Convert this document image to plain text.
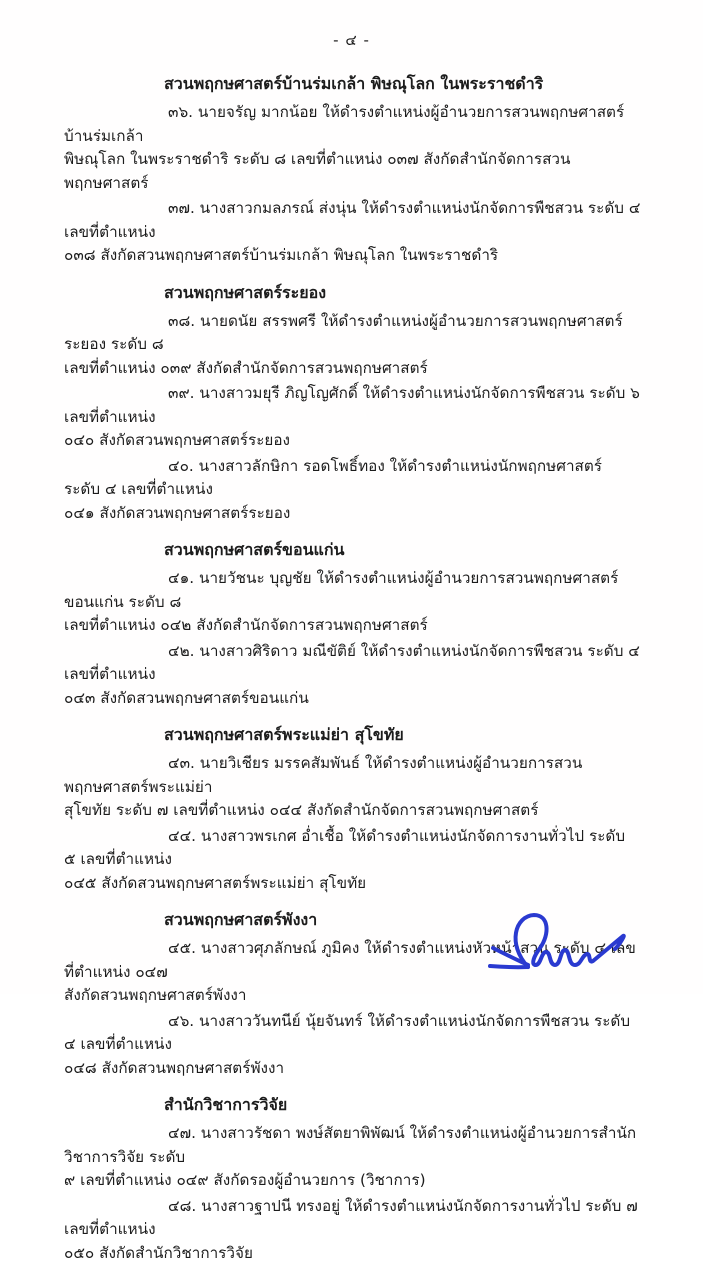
- ๔ -
สวนพฤกษศาสตร์บ้านร่มเกล้า พิษณุโลก ในพระราชดำริ

๓๖. นายจรัญ มากน้อย ให้ดำรงตำแหน่งผู้อำนวยการสวนพฤกษศาสตร์บ้านร่มเกล้า
พิษณุโลก ในพระราชดำริ ระดับ ๘ เลขที่ตำแหน่ง ๐๓๗ สังกัดสำนักจัดการสวนพฤกษศาสตร์

๓๗. นางสาวกมลภรณ์ ส่งนุ่น ให้ดำรงตำแหน่งนักจัดการพืชสวน ระดับ ๔ เลขที่ตำแหน่ง
๐๓๘ สังกัดสวนพฤกษศาสตร์บ้านร่มเกล้า พิษณุโลก ในพระราชดำริ

สวนพฤกษศาสตร์ระยอง

๓๘. นายดนัย สรรพศรี ให้ดำรงตำแหน่งผู้อำนวยการสวนพฤกษศาสตร์ระยอง ระดับ ๘
เลขที่ตำแหน่ง ๐๓๙ สังกัดสำนักจัดการสวนพฤกษศาสตร์

๓๙. นางสาวมยุรี ภิญโญศักดิ์ ให้ดำรงตำแหน่งนักจัดการพืชสวน ระดับ ๖ เลขที่ตำแหน่ง
๐๔๐ สังกัดสวนพฤกษศาสตร์ระยอง

๔๐. นางสาวลักษิกา รอดโพธิ์ทอง ให้ดำรงตำแหน่งนักพฤกษศาสตร์ ระดับ ๔ เลขที่ตำแหน่ง
๐๔๑ สังกัดสวนพฤกษศาสตร์ระยอง

สวนพฤกษศาสตร์ขอนแก่น

๔๑. นายวัชนะ บุญชัย ให้ดำรงตำแหน่งผู้อำนวยการสวนพฤกษศาสตร์ขอนแก่น ระดับ ๘
เลขที่ตำแหน่ง ๐๔๒ สังกัดสำนักจัดการสวนพฤกษศาสตร์

๔๒. นางสาวศิริดาว มณีขัติย์ ให้ดำรงตำแหน่งนักจัดการพืชสวน ระดับ ๔ เลขที่ตำแหน่ง
๐๔๓ สังกัดสวนพฤกษศาสตร์ขอนแก่น

สวนพฤกษศาสตร์พระแม่ย่า สุโขทัย

๔๓. นายวิเชียร มรรคสัมพันธ์ ให้ดำรงตำแหน่งผู้อำนวยการสวนพฤกษศาสตร์พระแม่ย่า
สุโขทัย ระดับ ๗ เลขที่ตำแหน่ง ๐๔๔ สังกัดสำนักจัดการสวนพฤกษศาสตร์

๔๔. นางสาวพรเกศ อ่ำเชื้อ ให้ดำรงตำแหน่งนักจัดการงานทั่วไป ระดับ ๕ เลขที่ตำแหน่ง
๐๔๕ สังกัดสวนพฤกษศาสตร์พระแม่ย่า สุโขทัย

สวนพฤกษศาสตร์พังงา

๔๕. นางสาวศุภลักษณ์ ภูมิคง ให้ดำรงตำแหน่งหัวหน้าสวน ระดับ ๔ เลขที่ตำแหน่ง ๐๔๗
สังกัดสวนพฤกษศาสตร์พังงา

๔๖. นางสาววันทนีย์ นุ้ยจันทร์ ให้ดำรงตำแหน่งนักจัดการพืชสวน ระดับ ๔ เลขที่ตำแหน่ง
๐๔๘ สังกัดสวนพฤกษศาสตร์พังงา

สำนักวิชาการวิจัย

๔๗. นางสาวรัชดา พงษ์สัตยาพิพัฒน์ ให้ดำรงตำแหน่งผู้อำนวยการสำนักวิชาการวิจัย ระดับ
๙ เลขที่ตำแหน่ง ๐๔๙ สังกัดรองผู้อำนวยการ (วิชาการ)

๔๘. นางสาวฐาปนี ทรงอยู่ ให้ดำรงตำแหน่งนักจัดการงานทั่วไป ระดับ ๗ เลขที่ตำแหน่ง
๐๕๐ สังกัดสำนักวิชาการวิจัย
